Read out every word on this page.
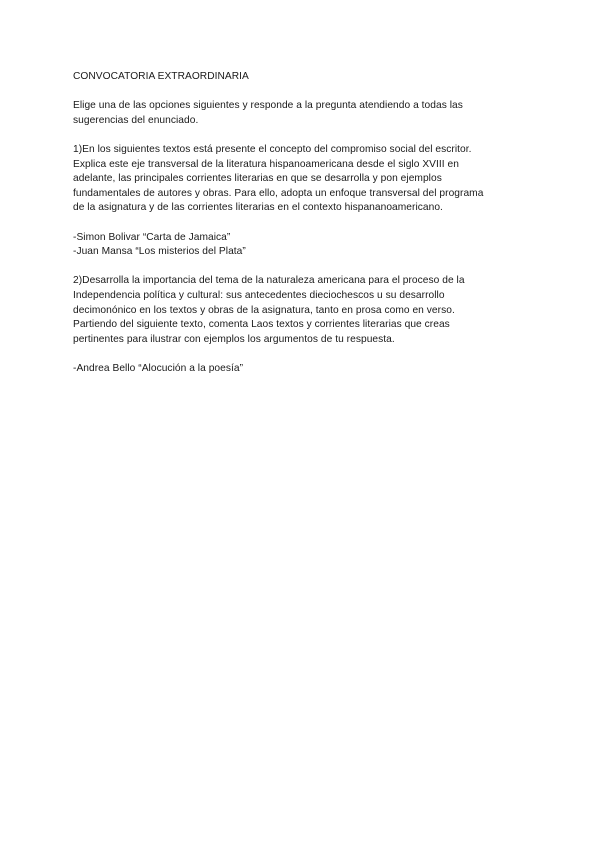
CONVOCATORIA EXTRAORDINARIA

Elige una de las opciones siguientes y responde a la pregunta atendiendo a todas las
sugerencias del enunciado.

1)En los siguientes textos está presente el concepto del compromiso social del escritor.
Explica este eje transversal de la literatura hispanoamericana desde el siglo XVIII en
adelante, las principales corrientes literarias en que se desarrolla y pon ejemplos
fundamentales de autores y obras. Para ello, adopta un enfoque transversal del programa
de la asignatura y de las corrientes literarias en el contexto hispananoamericano.

-Simon Bolivar “Carta de Jamaica”
-Juan Mansa “Los misterios del Plata”

2)Desarrolla la importancia del tema de la naturaleza americana para el proceso de la
Independencia política y cultural: sus antecedentes dieciochescos u su desarrollo
decimonónico en los textos y obras de la asignatura, tanto en prosa como en verso.
Partiendo del siguiente texto, comenta Laos textos y corrientes literarias que creas
pertinentes para ilustrar con ejemplos los argumentos de tu respuesta.

-Andrea Bello “Alocución a la poesía”
